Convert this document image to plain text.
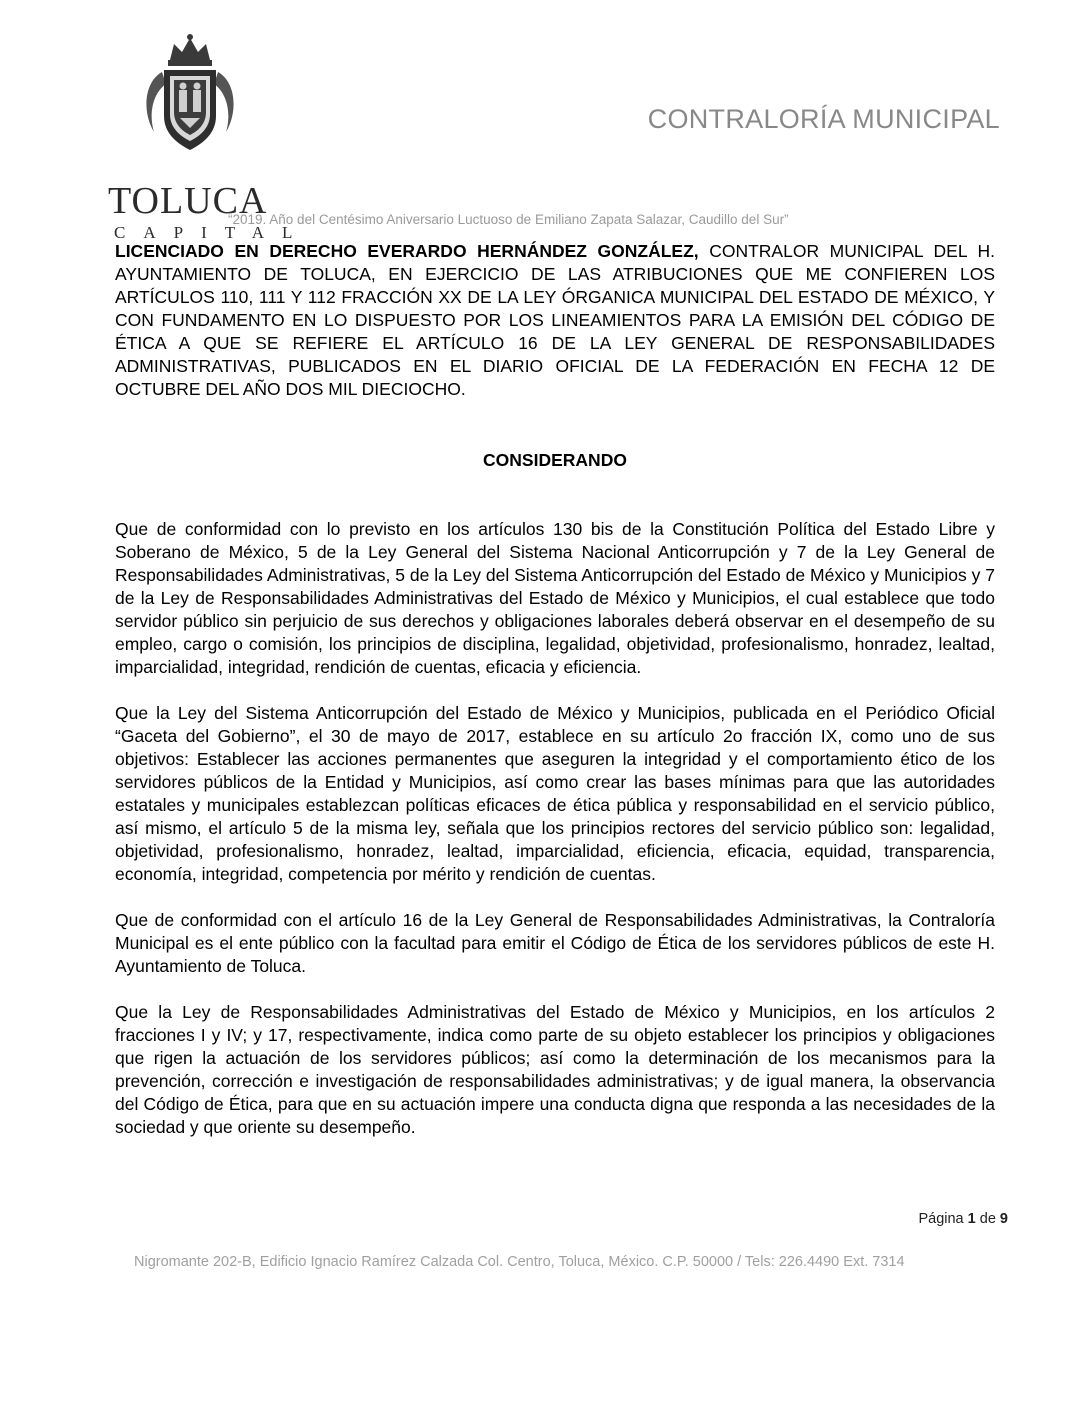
TOLUCA
CAPITAL
CONTRALORÍA MUNICIPAL
“2019. Año del Centésimo Aniversario Luctuoso de Emiliano Zapata Salazar, Caudillo del Sur”

LICENCIADO EN DERECHO EVERARDO HERNÁNDEZ GONZÁLEZ, CONTRALOR MUNICIPAL DEL H. AYUNTAMIENTO DE TOLUCA, EN EJERCICIO DE LAS ATRIBUCIONES QUE ME CONFIEREN LOS ARTÍCULOS 110, 111 Y 112 FRACCIÓN XX DE LA LEY ÓRGANICA MUNICIPAL DEL ESTADO DE MÉXICO, Y CON FUNDAMENTO EN LO DISPUESTO POR LOS LINEAMIENTOS PARA LA EMISIÓN DEL CÓDIGO DE ÉTICA A QUE SE REFIERE EL ARTÍCULO 16 DE LA LEY GENERAL DE RESPONSABILIDADES ADMINISTRATIVAS, PUBLICADOS EN EL DIARIO OFICIAL DE LA FEDERACIÓN EN FECHA 12 DE OCTUBRE DEL AÑO DOS MIL DIECIOCHO.

CONSIDERANDO

Que de conformidad con lo previsto en los artículos 130 bis de la Constitución Política del Estado Libre y Soberano de México, 5 de la Ley General del Sistema Nacional Anticorrupción y 7 de la Ley General de Responsabilidades Administrativas, 5 de la Ley del Sistema Anticorrupción del Estado de México y Municipios y 7 de la Ley de Responsabilidades Administrativas del Estado de México y Municipios, el cual establece que todo servidor público sin perjuicio de sus derechos y obligaciones laborales deberá observar en el desempeño de su empleo, cargo o comisión, los principios de disciplina, legalidad, objetividad, profesionalismo, honradez, lealtad, imparcialidad, integridad, rendición de cuentas, eficacia y eficiencia.

Que la Ley del Sistema Anticorrupción del Estado de México y Municipios, publicada en el Periódico Oficial “Gaceta del Gobierno”, el 30 de mayo de 2017, establece en su artículo 2o fracción IX, como uno de sus objetivos: Establecer las acciones permanentes que aseguren la integridad y el comportamiento ético de los servidores públicos de la Entidad y Municipios, así como crear las bases mínimas para que las autoridades estatales y municipales establezcan políticas eficaces de ética pública y responsabilidad en el servicio público, así mismo, el artículo 5 de la misma ley, señala que los principios rectores del servicio público son: legalidad, objetividad, profesionalismo, honradez, lealtad, imparcialidad, eficiencia, eficacia, equidad, transparencia, economía, integridad, competencia por mérito y rendición de cuentas.

Que de conformidad con el artículo 16 de la Ley General de Responsabilidades Administrativas, la Contraloría Municipal es el ente público con la facultad para emitir el Código de Ética de los servidores públicos de este H. Ayuntamiento de Toluca.

Que la Ley de Responsabilidades Administrativas del Estado de México y Municipios, en los artículos 2 fracciones I y IV; y 17, respectivamente, indica como parte de su objeto establecer los principios y obligaciones que rigen la actuación de los servidores públicos; así como la determinación de los mecanismos para la prevención, corrección e investigación de responsabilidades administrativas; y de igual manera, la observancia del Código de Ética, para que en su actuación impere una conducta digna que responda a las necesidades de la sociedad y que oriente su desempeño.

Página 1 de 9
Nigromante 202-B, Edificio Ignacio Ramírez Calzada Col. Centro, Toluca, México. C.P. 50000 / Tels: 226.4490 Ext. 7314
